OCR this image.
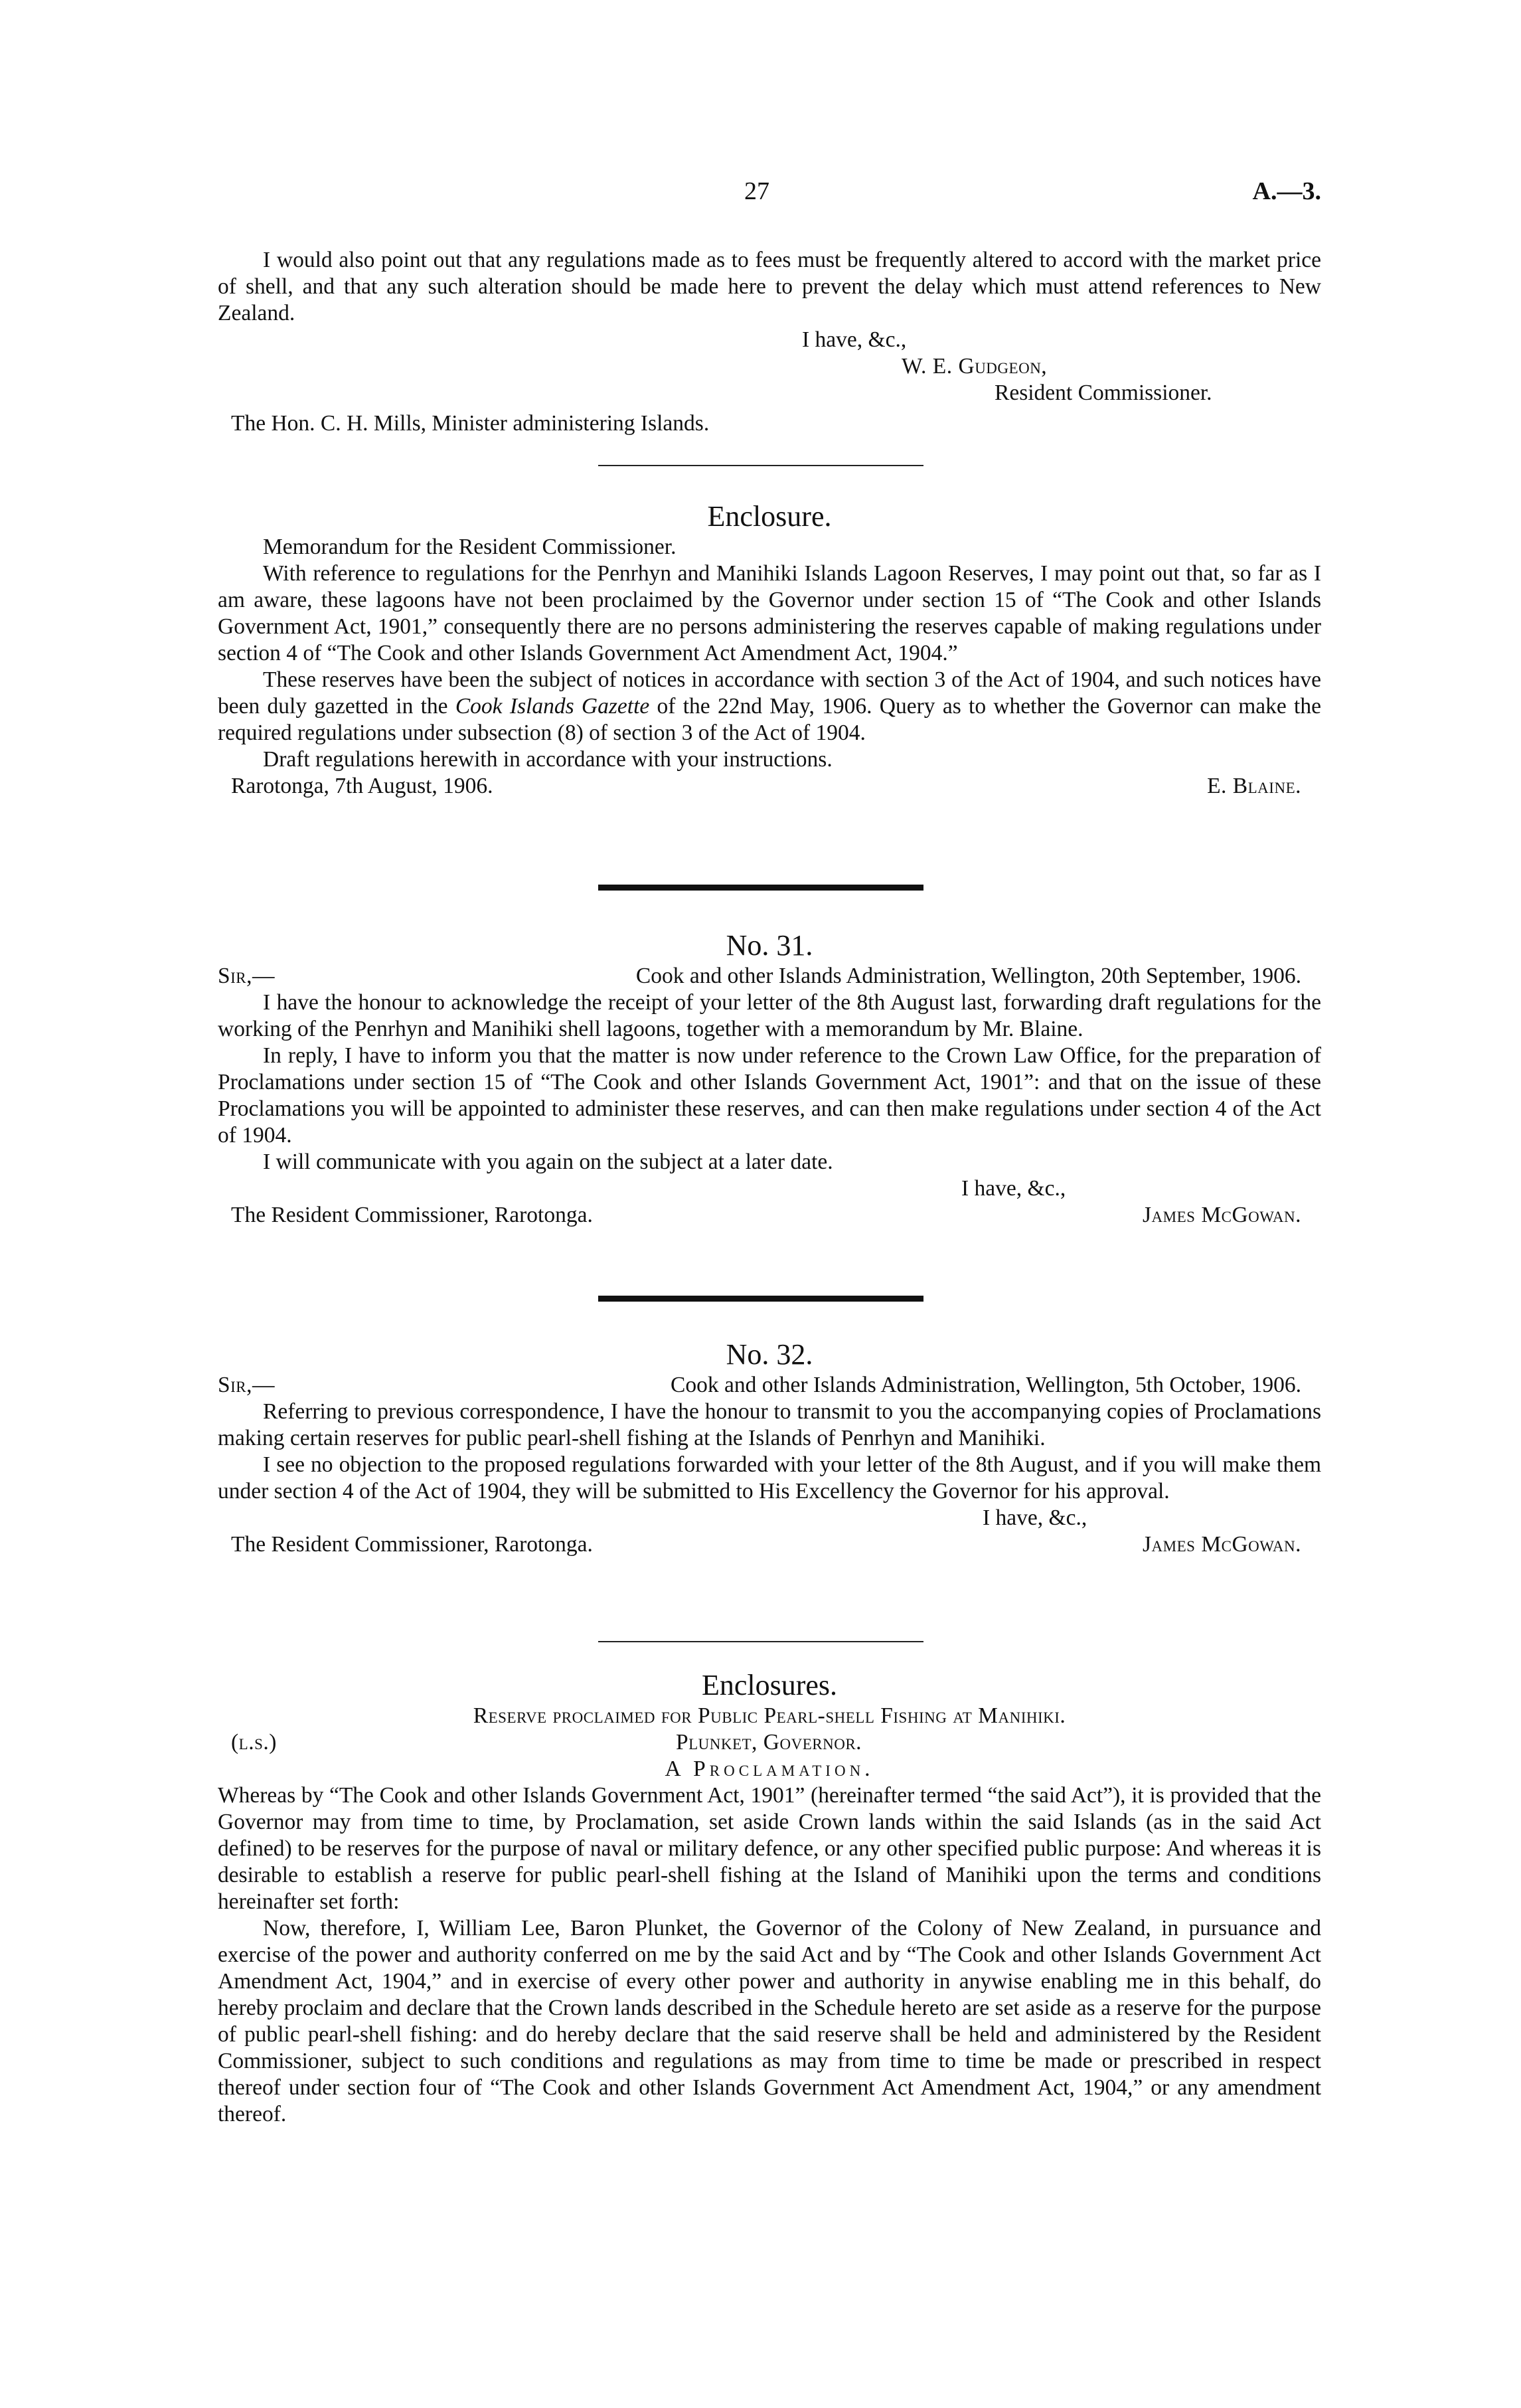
27	A.—3.

I would also point out that any regulations made as to fees must be frequently altered to accord with the market price of shell, and that any such alteration should be made here to prevent the delay which must attend references to New Zealand.

I have, &c.,
W. E. Gudgeon,
Resident Commissioner.
The Hon. C. H. Mills, Minister administering Islands.
Enclosure.

Memorandum for the Resident Commissioner.

With reference to regulations for the Penrhyn and Manihiki Islands Lagoon Reserves, I may point out that, so far as I am aware, these lagoons have not been proclaimed by the Governor under section 15 of “The Cook and other Islands Government Act, 1901,” consequently there are no persons administering the reserves capable of making regulations under section 4 of “The Cook and other Islands Government Act Amendment Act, 1904.”

These reserves have been the subject of notices in accordance with section 3 of the Act of 1904, and such notices have been duly gazetted in the Cook Islands Gazette of the 22nd May, 1906. Query as to whether the Governor can make the required regulations under subsection (8) of section 3 of the Act of 1904.

Draft regulations herewith in accordance with your instructions.

Rarotonga, 7th August, 1906.	E. Blaine.
No. 31.
Sir,—	Cook and other Islands Administration, Wellington, 20th September, 1906.

I have the honour to acknowledge the receipt of your letter of the 8th August last, forwarding draft regulations for the working of the Penrhyn and Manihiki shell lagoons, together with a memorandum by Mr. Blaine.

In reply, I have to inform you that the matter is now under reference to the Crown Law Office, for the preparation of Proclamations under section 15 of “The Cook and other Islands Government Act, 1901”: and that on the issue of these Proclamations you will be appointed to administer these reserves, and can then make regulations under section 4 of the Act of 1904.

I will communicate with you again on the subject at a later date.

I have, &c.,
The Resident Commissioner, Rarotonga.	James McGowan.
No. 32.
Sir,—	Cook and other Islands Administration, Wellington, 5th October, 1906.

Referring to previous correspondence, I have the honour to transmit to you the accompanying copies of Proclamations making certain reserves for public pearl-shell fishing at the Islands of Penrhyn and Manihiki.

I see no objection to the proposed regulations forwarded with your letter of the 8th August, and if you will make them under section 4 of the Act of 1904, they will be submitted to His Excellency the Governor for his approval.

I have, &c.,
The Resident Commissioner, Rarotonga.	James McGowan.
Enclosures.
Reserve proclaimed for Public Pearl-shell Fishing at Manihiki.
(l.s.)	Plunket, Governor.
A Proclamation.

Whereas by “The Cook and other Islands Government Act, 1901” (hereinafter termed “the said Act”), it is provided that the Governor may from time to time, by Proclamation, set aside Crown lands within the said Islands (as in the said Act defined) to be reserves for the purpose of naval or military defence, or any other specified public purpose: And whereas it is desirable to establish a reserve for public pearl-shell fishing at the Island of Manihiki upon the terms and conditions hereinafter set forth:

Now, therefore, I, William Lee, Baron Plunket, the Governor of the Colony of New Zealand, in pursuance and exercise of the power and authority conferred on me by the said Act and by “The Cook and other Islands Government Act Amendment Act, 1904,” and in exercise of every other power and authority in anywise enabling me in this behalf, do hereby proclaim and declare that the Crown lands described in the Schedule hereto are set aside as a reserve for the purpose of public pearl-shell fishing: and do hereby declare that the said reserve shall be held and administered by the Resident Commissioner, subject to such conditions and regulations as may from time to time be made or prescribed in respect thereof under section four of “The Cook and other Islands Government Act Amendment Act, 1904,” or any amendment thereof.
